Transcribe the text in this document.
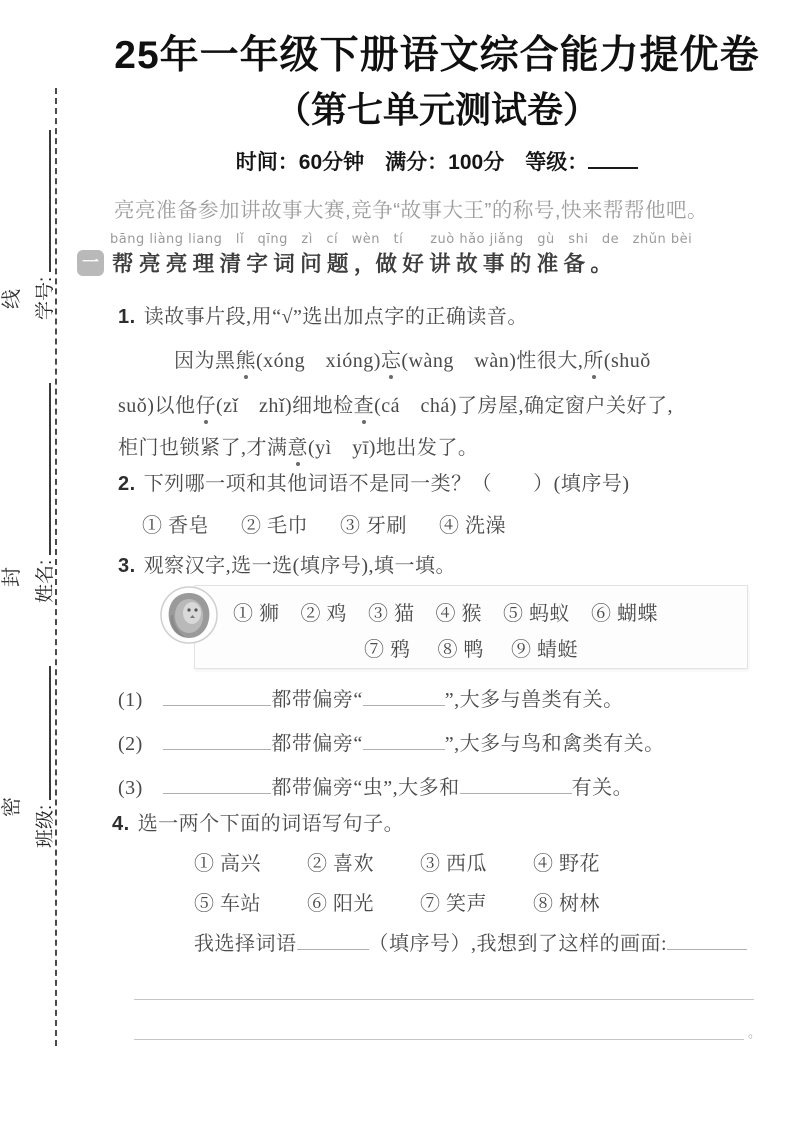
学号:
姓名:
班级:
线
封
密
一
25年一年级下册语文综合能力提优卷
（第七单元测试卷）
时间：60分钟　满分：100分　等级：
亮亮准备参加讲故事大赛,竞争“故事大王”的称号,快来帮帮他吧。
bāng liàng liang　lǐ　qīng　zì　cí　wèn　tí　　zuò hǎo jiǎng　gù　shi　de　zhǔn bèi
帮 亮 亮 理 清 字 词 问 题 ，做 好 讲 故 事 的 准 备 。
1. 读故事片段,用“√”选出加点字的正确读音。
因为黑熊(xóng　xióng)忘(wàng　wàn)性很大,所(shuǒ
suǒ)以他仔(zǐ　zhǐ)细地检查(cá　chá)了房屋,确定窗户关好了,
柜门也锁紧了,才满意(yì　yī)地出发了。
2. 下列哪一项和其他词语不是同一类？（　　）(填序号)
① 香皂 ② 毛巾 ③ 牙刷 ④ 洗澡
3. 观察汉字,选一选(填序号),填一填。
① 狮 ② 鸡 ③ 猫 ④ 猴 ⑤ 蚂蚁 ⑥ 蝴蝶
⑦ 鸦 ⑧ 鸭 ⑨ 蜻蜓
(1)　	都带偏旁“	”,大多与兽类有关。
(2)　	都带偏旁“	”,大多与鸟和禽类有关。
(3)　	都带偏旁“虫”,大多和	有关。
4. 选一两个下面的词语写句子。
① 高兴 ② 喜欢 ③ 西瓜 ④ 野花
⑤ 车站 ⑥ 阳光 ⑦ 笑声 ⑧ 树林
我选择词语	（填序号）,我想到了这样的画面:
。
